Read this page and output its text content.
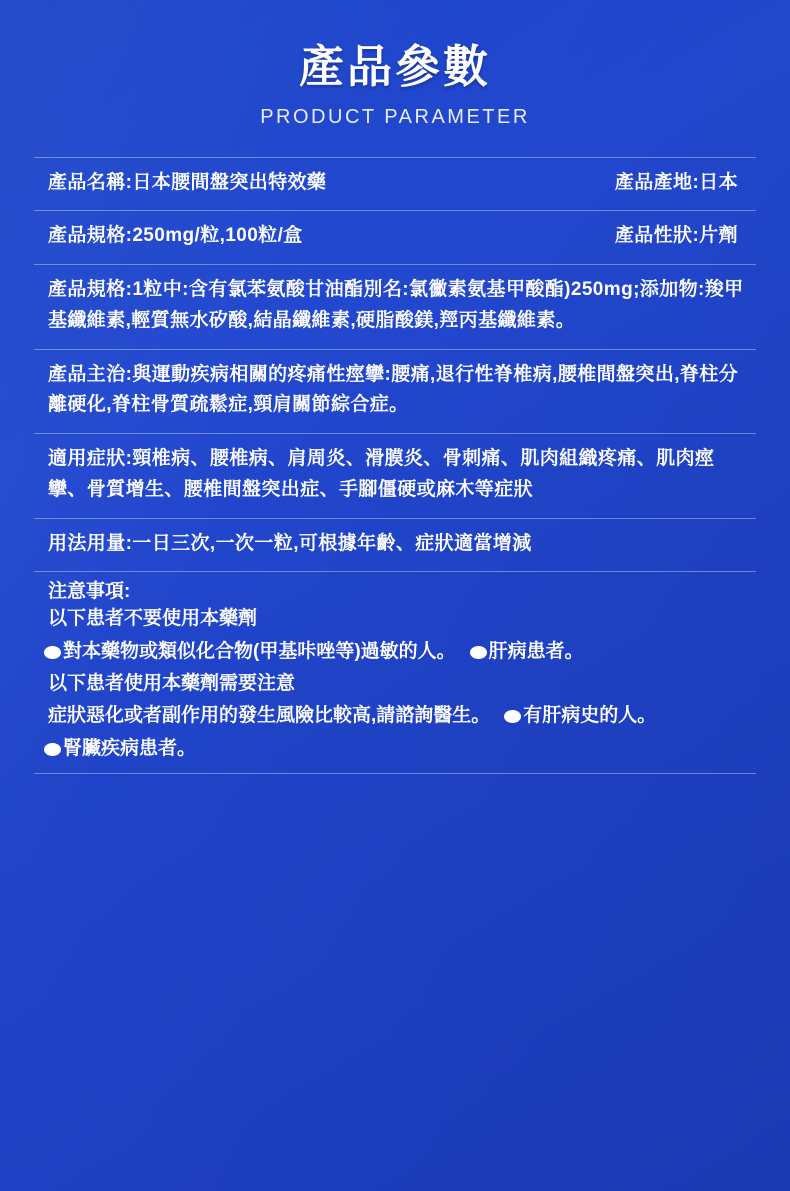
產品參數
PRODUCT PARAMETER
產品名稱:日本腰間盤突出特效藥	產品產地:日本
產品規格:250mg/粒,100粒/盒	產品性狀:片劑
產品規格:1粒中:含有氯苯氨酸甘油酯別名:氯黴素氨基甲酸酯)250mg;添加物:羧甲基纖維素,輕質無水矽酸,結晶纖維素,硬脂酸鎂,羥丙基纖維素。
產品主治:與運動疾病相關的疼痛性痙攣:腰痛,退行性脊椎病,腰椎間盤突出,脊柱分離硬化,脊柱骨質疏鬆症,頸肩關節綜合症。
適用症狀:頸椎病、腰椎病、肩周炎、滑膜炎、骨刺痛、肌肉組織疼痛、肌肉痙攣、骨質增生、腰椎間盤突出症、手腳僵硬或麻木等症狀
用法用量:一日三次,一次一粒,可根據年齡、症狀適當增減
注意事項:
以下患者不要使用本藥劑
對本藥物或類似化合物(甲基咔唑等)過敏的人。 肝病患者。
以下患者使用本藥劑需要注意
症狀惡化或者副作用的發生風險比較高,請諮詢醫生。 有肝病史的人。
腎臟疾病患者。
